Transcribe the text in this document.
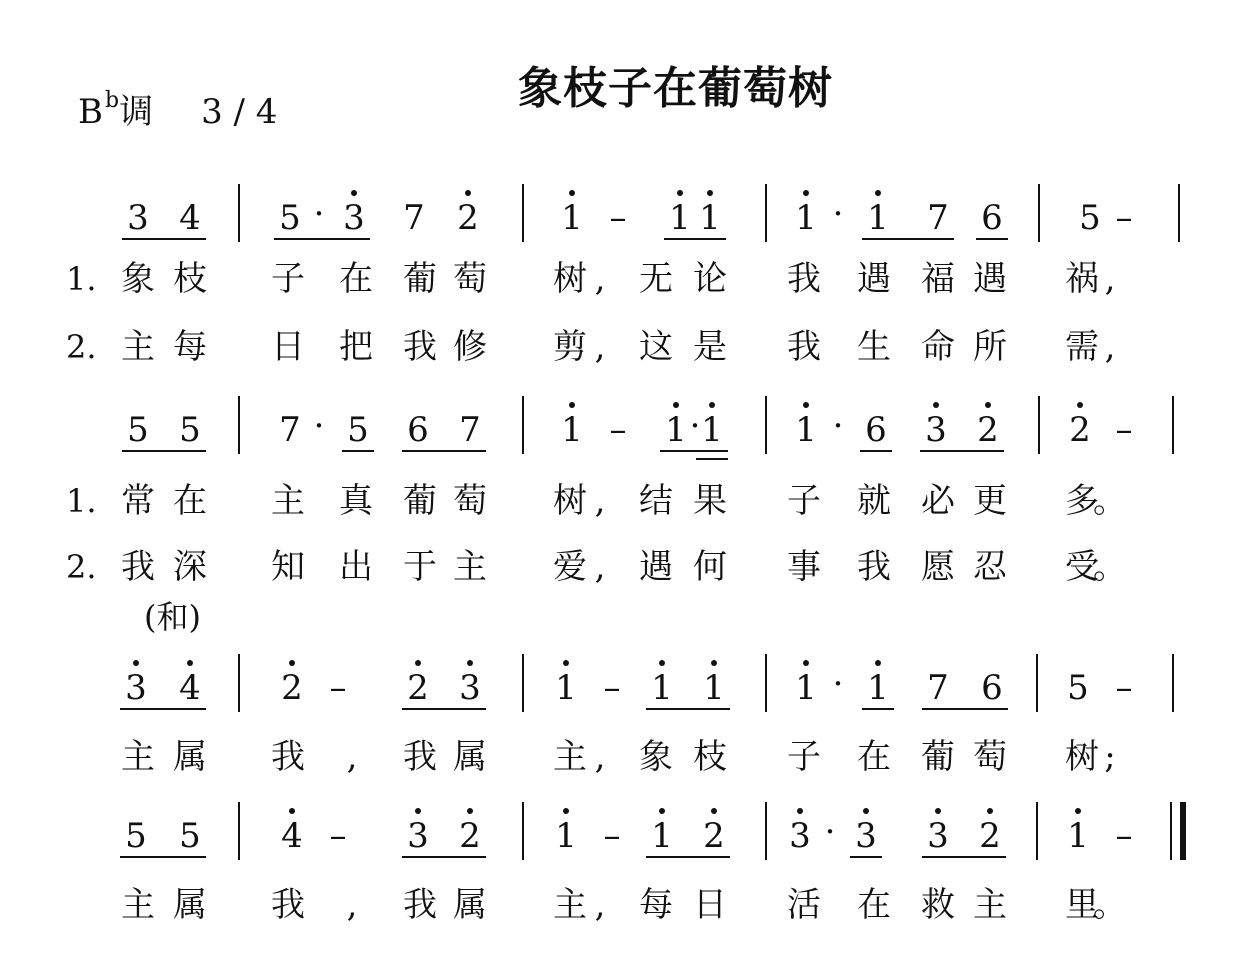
$B^b$调 3 / 4	象枝子在葡萄树
3 4 5 · 3 7 2 1 – 1 1 1 · 1 7 6 5 –
1. 象 枝 子 在 葡 萄 树 , 无 论 我 遇 福 遇 祸 ,
2. 主 每 日 把 我 修 剪 , 这 是 我 生 命 所 需 ,
5 5 7 · 5 6 7 1 – 1 · 1 1 · 6 3 2 2 –
1. 常 在 主 真 葡 萄 树 , 结 果 子 就 必 更 多
。
2. 我 深 知 出 于 主 爱 , 遇 何 事 我 愿 忍 受
。
3 4 2 – 2 3 1 – 1 1 1 · 1 7 6 5 –
主 属 我	,	我 属 主 , 象 枝 子 在 葡 萄 树 ;
(和)
5 5 4 – 3 2 1 – 1 2 3 · 3 3 2 1 –
主 属 我	,	我 属 主 , 每 日 活 在 救 主 里
。
